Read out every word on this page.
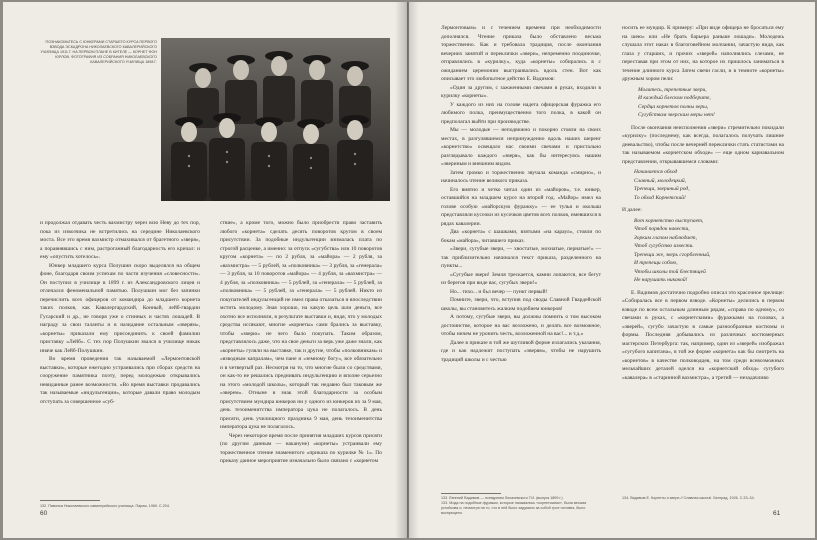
ПОЗНАКОМЬТЕСЬ С ЮНКЕРАМИ СТАРШЕГО КУРСА ПЕРВОГО ВЗВОДА ЭСКАДРОНА НИКОЛАЕВСКОГО КАВАЛЕРИЙСКОГО УЧИЛИЩА 1911 Г. НА ПЕРВОМ ПЛАНЕ В КИТЕЛЕ — КОРНЕТ ФОН ЮРЛОВ. ФОТОГРАФИЯ ИЗ СОБРАНИЯ НИКОЛАЕВСКОГО КАВАЛЕРИЙСКОГО УЧИЛИЩА 1898 Г.

и продолжал отдавать честь вахмистру через всю Неву до тех пор, пока из извозчика не встретились на середине Николаевского моста. Все это время вахмистр отмахивался от брагетного «зверя», а поравнявшись с ним, растроганный благодарность его кричал: и ему «опустить хотелось».

Юнкер младшего курса Полушин скоро выделялся на общем фоне, благодаря своим успехам по части изучения «словесности». Он поступил в училище в 1899 г. из Александровского лицея и отличался феноменальной памятью. Полушкин мог без запинки перечислить всех офицеров от командира до младшего корнета таких полков, как Кавалергардский, Конный, лейб-гвардии Гусарский и др., не говоря уже о стинных и частях лошадей. В награду за свои таланты и в назидание остальным «зверям», «корнеты» приказали ему присоединить к своей фамилии приставку «Лейб». С тех пор Полушкин звался в училище никак иначе как Лейб-Полушкин.

Во время проведения так называемой «Лермонтовской выставки», которые ежегодно устраивались при сборах средств на сооружение памятника поэту, перед молодежью открывались невиданные ранее возможности. «Во время выставки продавались так называемые «индульгенции», которые давали право молодым отступать за совершенное «суб-

ствие», а кроме того, можно было приобрести право заставить любого «корнета» сделать десять поворотов кругом в своем присутствии. За подобные индульгенции взималась плата по строгой расценке, а именно: за отпуск «сугубства» или 10 поворотов кругом «корнета» — по 2 рубля, за «майора» — 2 рубля, за «вахмистра» — 5 рублей, за «полковника» — 3 рубля, за «генерала» — 3 рубля, за 10 поворотов «майора» — 4 рубля, за «вахмистра» — 4 рубля, за «полковника» — 5 рублей, за «генерала» — 5 рублей, за «полковника» — 5 рублей, за «генерала» — 5 рублей. Никто из покупателей индульгенций не имел права отказаться и впоследствии мстить молодому. Зная хорошо, на какую цель шли деньги, все охотно все исполняли, в результате выставки и, видя, что у молодых средства иссякают, многие «корнеты» сами брались за выставку, чтобы «зверю» не чего было покупать. Таким образом, представлялось даже, что на свое деньги за верь уже даже знали, как «корнеты» гуляли на выставке, так и другие, чтобы «полковникам» и «взводным капралам», чем пане и «земному богу», все обязательно и в четвертый раз. Несмотря на то, что многие были со средствами, он как-то не решались преднивать индульгенцию и вполне серьезно на этого «молодой школы», который так недавно был таковым же «зверем». Отныне в знак этой благодарности за особым присутствием мундира юнкеров ни у одного из юнкеров их за 9 мая, день тезоименитства императора цука не полагалось. В день присяги, день училищного праздника 9 мая, день тезоименитства императора цука не полагалось.

Через некоторое время после принятия младших курсов присяги (по другим данным — накануне) «корнеты» устраивали ему торжественное чтение знаменитого «приказа по курилке № 1». По приказу данное мероприятие изначально было связано с «корнетом

132. Памятка Николаевского кавалерийского училища. Париж, 1969. С.204.

60

Лермонтовым» и с течением времени при необходимости дополнялся. Чтение приказа было обставлено весьма торжественно. Как и требовала традиция, после окончания вечерних занятий и переклички «звери», непременно поодиночке, отправлялись в «курилку», куда «корнеты» собирались в с ожиданием церемонии выстраивались вдоль стен. Вот как описывает это любопытное действо Е. Вадимов:

«Один за другим, с зажженными свечами в руках, входили в курилку «корнеты».

У каждого из них на голове надета офицерская фуражка его любимого полка, преимущественно того полка, в какой он предполагал выйти при производстве.

Мы — молодые — неподвижно и покорно стояли на своих местах, в разгулявшемся непринужденно вдоль наших шеренг «корнетство» освещало нас своими свечами и пристально разглядывало каждого «зверя», как бы интересуясь нашим «звериным и внешним видом.

Затем громко и торжественно звучала команда «смирно», и начиналось чтение великого приказа.

Его внятно и четко читал один из «майоров», т.е. юнкер, оставшийся на младшем курсе на второй год. «Майор» имел на голове особую «майорскую фуражку» — ее тулья и околыш представляли кусочки из кусочков цветов всех полков, имевшихся в рядах кавалерии.

Два «корнета» с шашками, взятыми «на караул», стояли по бокам «майора», читавшего приказ.

«Звери, сугубые звери, — хвостатые, мохнатые, пернатые!» — так приблизительно начинался текст приказа, разделенного на пункты...

«Сугубые звери! Земля трескается, камни лопаются, все бегут из берегов при виде вас, сугубых звери!»

Но... тихо... и бьл вечер — пункт первый!

Помните, звери, что, вступив под своды Славной Гвардейской школы, вы становитесь жалким подобием юнкеров!

А потому, сугубые звери, вы должны помнить о том высоком достоинстве, которое на вас возложено, и делать все возможное, чтобы ничем не уронить честь, возложенной на вас!... и т.д.»

Далее в приказе в той же шутливой форме излагались указания, где и как надлежит поступать «зверям», чтобы не нарушить традиций школы и с честью

носить ее мундир. К примеру: «При виде офицера не бросаться ему на шею» или «Не брать барьера раньше лошади». Молодежь слушала этот наказ в благоговейном молчании, зачастую видя, как глаза у старших, и прочих «зверей» наполнялись слезами, не переставая при этом от них, на которое их пришлось заниматься в течение длинного курса Затем свечи гасли, и в темноте «корнеты» дружным хором пели:

Молитесь, трепетные звери,
И каждый блеском подберите,
Сердца корнетов полны веры,
Сугубствам зверским меры нет!

После окончания неисполнения «звери» стремительно покидали «курилку» (последнему, как всегда, полагалось получать лишние дневальство), чтобы после вечерней переклички стать статистами на так называемом «корнетском обходе» — еще одном карнавальном представлении, открывавшемся словами:

Начинается обход
Славный, молодецкий,
Трепещи, звериный род,
То обход Корнетский!

И далее:

Вот корнетство выступает,
Чтоб порядок навести,
Зорким глазом наблюдает,
Чтоб сугубство извести.
Трепещи же, зверь сгорбленный,
И трепещи собою,
Чтобы школы той блестящей
Не нарушить никакой!

Е. Вадимов достаточно подробно описал это красочное зрелище: «Собиралась все в первом взводе. «Корнеты» делились в первом взводе по всем остальным длинным рядам, «справа по одному», со свечами в руках, с «корнетскими» фуражками на головах, а «зверей», сугубо зачастую в самые разнообразные костюмы и формы. Последняя добывались из различных костюмерных мастерских Петербурга: так, например, один из «зверей» изображал «сугубого капитана», в той же форме «корнета» как бы смотреть на «корнетов» в качестве полководцев, на том среди всевозможных мельчайших деталей оделся на «корнетский обход» сугубого «кавалера» в «старинной вахмистра», а третий — незадачливо

133. Евгений Вадимов — псевдоним Лихачевского Г.И. (выпуск 1899 г.)

133. Мода на подобные фуражки, которые назывались «корнетскими», была весьма устойчива и, несмотря на то, что в ней было задумано за собой трое человек, было воспрещено.

134. Вадимов Е. Корнеты и звери // Славная школа!. Белград, 1926. С.33–34.

61
